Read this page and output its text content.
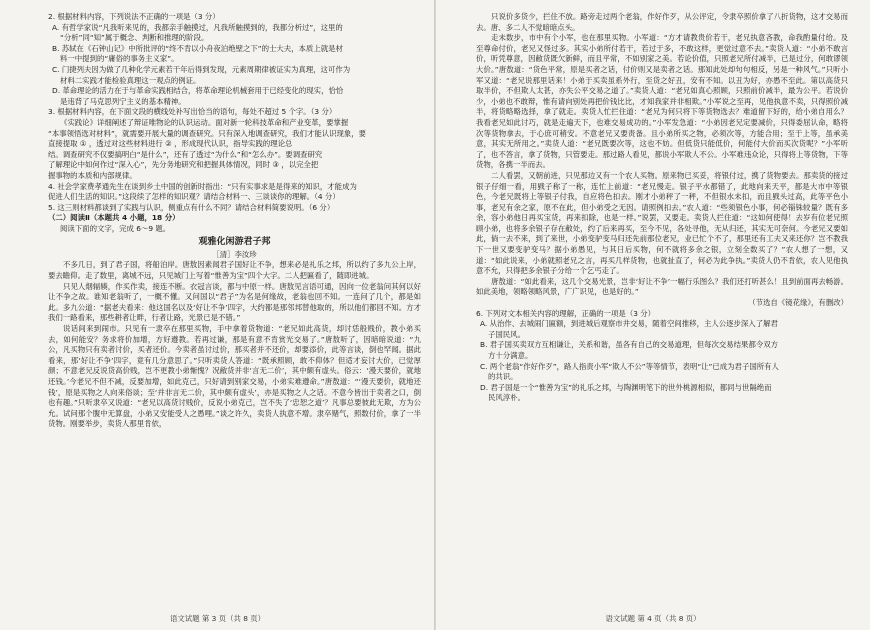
2. 根据材料内容，下列说法不正确的一项是（3 分）
A. 有哲学家说“凡我听来见的，我都亲手触摸过，凡我所触摸到的，我都分析过”，这里的
“分析”同“知”属于概念、判断和推理的阶段。
B. 苏轼在《石钟山记》中所批评的“终不肯以小舟夜泊绝壁之下”的士大夫，本质上就是材
料一中提到的“庸俗的事务主义家”。
C. 门捷列夫因为做了几种化学元素若干年后得到发现，元素周期律被证实为真理，这可作为
材料二实践才能检验真理这一观点的例证。
D. 革命理论的活力在于与革命实践相结合，将革命理论机械套用于已经变化的现实，恰恰
是违背了马克思列宁主义的基本精神。
3. 根据材料内容，在下面文段的横线处补写出恰当的语句，每处不超过 5 个字。（3 分）
《实践论》详细阐述了辩证唯物论的认识运动。面对新一轮科技革命和产业变革，要掌握
“本事领悟选对材料”，就需要开展大量的调查研究。只有深入地调查研究，我们才能认识现象，要
直接提取 ① ，透过对这些材料进行 ② ，形成现代认识，指导实践的理论总
结。调查研究不仅要搞明白“是什么”，还有了透过“为什么”和“怎么办”。要调查研究
了解理论中如何作过“深入心”，先分务地研究和把握具体情况，同时 ③ ，以完全把
握事物的本质和内部规律。
4. 社会学家费孝通先生在谈到乡土中国的创新时指出：“只有实事求是是得来的知识，才能成为
促进人们生活的知识。”这段续了怎样的知识观？请结合材料一、三谈谈你的理解。（4 分）
5. 这三则材料都谈到了实践与认识，侧重点有什么不同？请结合材料简要说明。（6 分）
（二）阅读Ⅱ（本题共 4 小题，18 分）
阅读下面的文字，完成 6～9 题。
观雅化闲游君子邦
［清］李汝珍
不多几日，到了君子国，将船泊岸。唐敖因素闻君子国好让不争，想来必是礼乐之邦，所以约了多九公上岸，要去瞻仰。走了数里，离城不远，只见城门上写着“惟善为宝”四个大字。二人把匾看了，随即进城。
只见人烟辐辏，作买作卖，接连不断。衣冠言谈，都与中原一样。唐敖见言语可通，因向一位老翁问其何以好让不争之故。谁知老翁听了，一概不懂。又问国以“君子”为名是何缘故，老翁也回不知。一连问了几个，都是如此。多九公道：“据老夫看来：他这国名以及‘好让不争’四字，大约都是那邻邦替他取的，所以他们都回不知。方才我们一路看来，那些耕者让畔，行者让路，光景已是不错。”
说话间来到闹市。只见有一隶卒在那里买物，手中拿着货物道：“老兄如此高货，却讨恁般贱价，教小弟买去，如何能安？务求将价加增，方好遵教。若再过谦，那是有意不肯赏光交易了。”唐敖听了，因暗暗说道：“九公，凡买物只有卖者讨价，买者还价。今卖者虽讨过价，那买者并不还价，却要添价，此等言谈，倒也罕闻。据此看来，那‘好让不争’四字，竟有几分意思了。”只听卖货人答道：“既承照顾，敢不仰体？但适才妄讨大价，已觉厚颜；不意老兄反说货高价贱，岂不更教小弟惭愧？况敝货并非‘言无二价’，其中颇有虚头。俗云：‘漫天要价，就地还钱。’今老兄不但不减，反要加增，如此克己，只好请到别家交易，小弟实难遵命。”唐敖道：“‘漫天要价，就地还钱’，原是买物之人向来俗谈；至‘并非言无二价，其中颇有虚头’，亦是买物之人之话。不意今皆出于卖者之口，倒也有趣。”只听隶卒又说道：“老兄以高货讨贱价，反说小弟克己，岂不失了‘忠恕之道’？凡事总要彼此无欺，方为公允。试问那个腹中无算盘，小弟又安能受人之愚哩。”谈之许久，卖货人执意不增。隶卒赌气，照数付价，拿了一半货物。刚要举步，卖货人那里肯依，
语文试题 第 3 页（共 8 页）
只说价多货少，拦住不放。路旁走过两个老翁，作好作歹，从公评定，令隶卒照价拿了八折货物，这才交易而去。唐、多二人不觉暗暗点头。
走未数步，市中有个小军，也在那里买物。小军道：“方才请教贵价若干，老兄执意吝教，命我酌量付给。及至尊命付价，老兄又怪过多。其实小弟所付若干，若过于多，不敢这样，更觉过意不去。”卖货人道：“小弟不敢言价，听凭尊意，因敝货既欠新鲜，而且平常，不如别家之美。若论价值，只照老兄所付减半，已是过分，何敢谬领大价。”唐敖道：“货色平常，原是买者之话，付价则又是卖者之话。那知此处却句句相反，另是一种风气。”只听小军又道：“老兄说那里话来！小弟于买卖虽系外行，至货之好丑，安有不知。以丑为好，亦愚不至此。第以高货只取半价，不但欺人太甚，亦失公平交易之道了。”卖货人道：“老兄如真心照顾，只照前价减半，最为公平。若说价少，小弟也不敢辩，惟有请向别处再把价钱比比，才知我家并非相欺。”小军说之至再，见他执意不卖，只得照价减半，将货略略选择，拿了就走。卖货人忙拦住道：“老兄为何只将下等货物选去？难道留下好的，给小弟自用么？我看老兄如此讨巧，就是走遍天下，也难交易成功的。”小军发急道：“小弟因老兄定要减价，只得委屈认命，略将次等货物拿去，于心庶可稍安。不意老兄又要责备。且小弟所买之物，必须次等，方能合用；至于上等，虽承美意，其实无所用之。”卖货人道：“老兄既要次等，这也不妨。但低货只能低价，何能付大价而买次货呢？”小军听了，也不答言，拿了货物，只管要走。那过路人看见，都说小军欺人不公。小军难违众论，只得将上等货物，下等货物，各携一半而去。
二人看罢，又朝前进，只见那边又有一个农人买物。原来物已买妥，将银付过，携了货物要去。那卖货的接过银子仔细一看，用戥子称了一称，连忙上前道：“老兄慢走。银子平水都错了，此地向来天平，都是大市中等银色，今老兄既将上等银子付我，自应将色扣去。刚才小弟秤了一秤，不但银水未扣，而且戥头过高，此等平色小事，老兄有余之家，原不在此，但小弟受之无因。请照例扣去。”农人道：“些须银色小事，何必锱铢较量？既有多余，容小弟他日再买宝货，再来扣除，也是一样。”说罢，又要走。卖货人拦住道：“这如何使得！去岁有位老兄照顾小弟，也将多余银子存在敝处，约了后来再买，至今不见，各处寻他，无从归还，其实无可奈何。今老兄又要如此，倘一去不来，到了来世，小弟变驴变马归还先前那位老兄，业已忙个不了，那里还有工夫又来还你？岂不教我下一世又要变驴变马？据小弟愚见，与其日后买物，何不就将多余之银，立刻全数买了？”农人想了一想，又道：“如此说来，小弟就照老兄之言，再买几样货物，也就扯直了，何必为此争执。”卖货人仍不肯依，农人见他执意不允，只得把多余银子分给一个乞丐走了。
唐敖道：“如此看来，这几个交易光景，岂非‘好让不争’一幅行乐图么？我们还打听甚么！且到前面再去畅游。如此美地，领略领略风景，广广识见，也是好的。”
（节选自《镜花缘》，有删改）
6. 下列对文本相关内容的理解，正确的一项是（3 分）
A. 从治作、去城闹门匾额，到进城后观察市井交易，随着空间推移，主人公逐步深入了解君
子国民风。
B. 君子国买卖双方互相谦让，关系和谐，虽各有自己的交易道理，但每次交易结果都令双方
方十分满意。
C. 两个老翁“作好作歹”，路人指责小军“欺人不公”等等情节，表明“让”已成为君子国所有人
的共识。
D. 君子国是一个“惟善为宝”的礼乐之邦，与陶渊明笔下的世外桃源相似，都同与世隔绝而
民风淳朴。
语文试题 第 4 页（共 8 页）
